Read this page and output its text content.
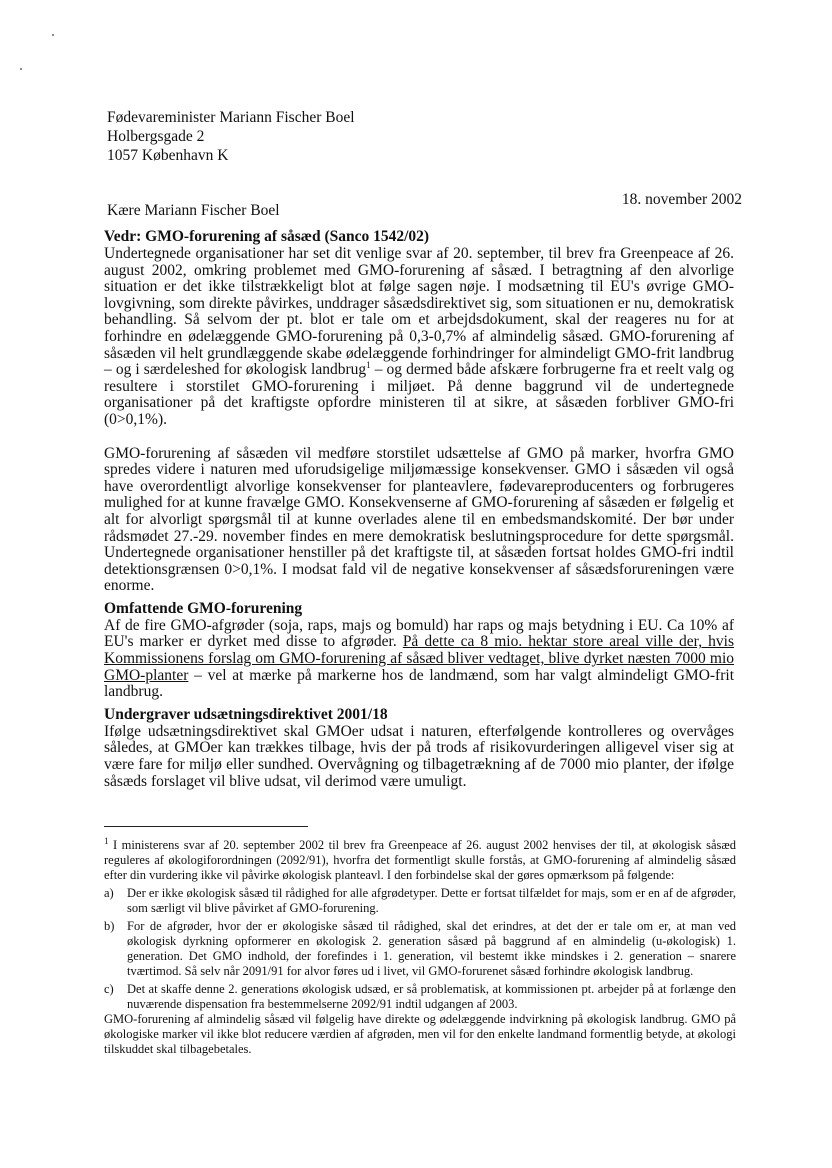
Fødevareminister Mariann Fischer Boel
Holbergsgade 2
1057 København K
18. november 2002
Kære Mariann Fischer Boel
Vedr: GMO-forurening af såsæd (Sanco 1542/02)

Undertegnede organisationer har set dit venlige svar af 20. september, til brev fra Greenpeace af 26. august 2002, omkring problemet med GMO-forurening af såsæd. I betragtning af den alvorlige situation er det ikke tilstrækkeligt blot at følge sagen nøje. I modsætning til EU's øvrige GMO-lovgivning, som direkte påvirkes, unddrager såsædsdirektivet sig, som situationen er nu, demokratisk behandling. Så selvom der pt. blot er tale om et arbejdsdokument, skal der reageres nu for at forhindre en ødelæggende GMO-forurening på 0,3-0,7% af almindelig såsæd. GMO-forurening af såsæden vil helt grundlæggende skabe ødelæggende forhindringer for almindeligt GMO-frit landbrug – og i særdeleshed for økologisk landbrug$^1$ – og dermed både afskære forbrugerne fra et reelt valg og resultere i storstilet GMO-forurening i miljøet. På denne baggrund vil de undertegnede organisationer på det kraftigste opfordre ministeren til at sikre, at såsæden forbliver GMO-fri (0>0,1%).

GMO-forurening af såsæden vil medføre storstilet udsættelse af GMO på marker, hvorfra GMO spredes videre i naturen med uforudsigelige miljømæssige konsekvenser. GMO i såsæden vil også have overordentligt alvorlige konsekvenser for planteavlere, fødevareproducenters og forbrugeres mulighed for at kunne fravælge GMO. Konsekvenserne af GMO-forurening af såsæden er følgelig et alt for alvorligt spørgsmål til at kunne overlades alene til en embedsmandskomité. Der bør under rådsmødet 27.-29. november findes en mere demokratisk beslutningsprocedure for dette spørgsmål. Undertegnede organisationer henstiller på det kraftigste til, at såsæden fortsat holdes GMO-fri indtil detektionsgrænsen 0>0,1%. I modsat fald vil de negative konsekvenser af såsædsforureningen være enorme.

Omfattende GMO-forurening

Af de fire GMO-afgrøder (soja, raps, majs og bomuld) har raps og majs betydning i EU. Ca 10% af EU's marker er dyrket med disse to afgrøder. På dette ca 8 mio. hektar store areal ville der, hvis Kommissionens forslag om GMO-forurening af såsæd bliver vedtaget, blive dyrket næsten 7000 mio GMO-planter – vel at mærke på markerne hos de landmænd, som har valgt almindeligt GMO-frit landbrug.

Undergraver udsætningsdirektivet 2001/18

Ifølge udsætningsdirektivet skal GMOer udsat i naturen, efterfølgende kontrolleres og overvåges således, at GMOer kan trækkes tilbage, hvis der på trods af risikovurderingen alligevel viser sig at være fare for miljø eller sundhed. Overvågning og tilbagetrækning af de 7000 mio planter, der ifølge såsæds forslaget vil blive udsat, vil derimod være umuligt.

$^1$ I ministerens svar af 20. september 2002 til brev fra Greenpeace af 26. august 2002 henvises der til, at økologisk såsæd reguleres af økologiforordningen (2092/91), hvorfra det formentligt skulle forstås, at GMO-forurening af almindelig såsæd efter din vurdering ikke vil påvirke økologisk planteavl. I den forbindelse skal der gøres opmærksom på følgende:

a)	Der er ikke økologisk såsæd til rådighed for alle afgrødetyper. Dette er fortsat tilfældet for majs, som er en af de afgrøder, som særligt vil blive påvirket af GMO-forurening.
b)	For de afgrøder, hvor der er økologiske såsæd til rådighed, skal det erindres, at det der er tale om er, at man ved økologisk dyrkning opformerer en økologisk 2. generation såsæd på baggrund af en almindelig (u-økologisk) 1. generation. Det GMO indhold, der forefindes i 1. generation, vil bestemt ikke mindskes i 2. generation – snarere tværtimod. Så selv når 2091/91 for alvor føres ud i livet, vil GMO-forurenet såsæd forhindre økologisk landbrug.
c)	Det at skaffe denne 2. generations økologisk udsæd, er så problematisk, at kommissionen pt. arbejder på at forlænge den nuværende dispensation fra bestemmelserne 2092/91 indtil udgangen af 2003.

GMO-forurening af almindelig såsæd vil følgelig have direkte og ødelæggende indvirkning på økologisk landbrug. GMO på økologiske marker vil ikke blot reducere værdien af afgrøden, men vil for den enkelte landmand formentlig betyde, at økologi tilskuddet skal tilbagebetales.
